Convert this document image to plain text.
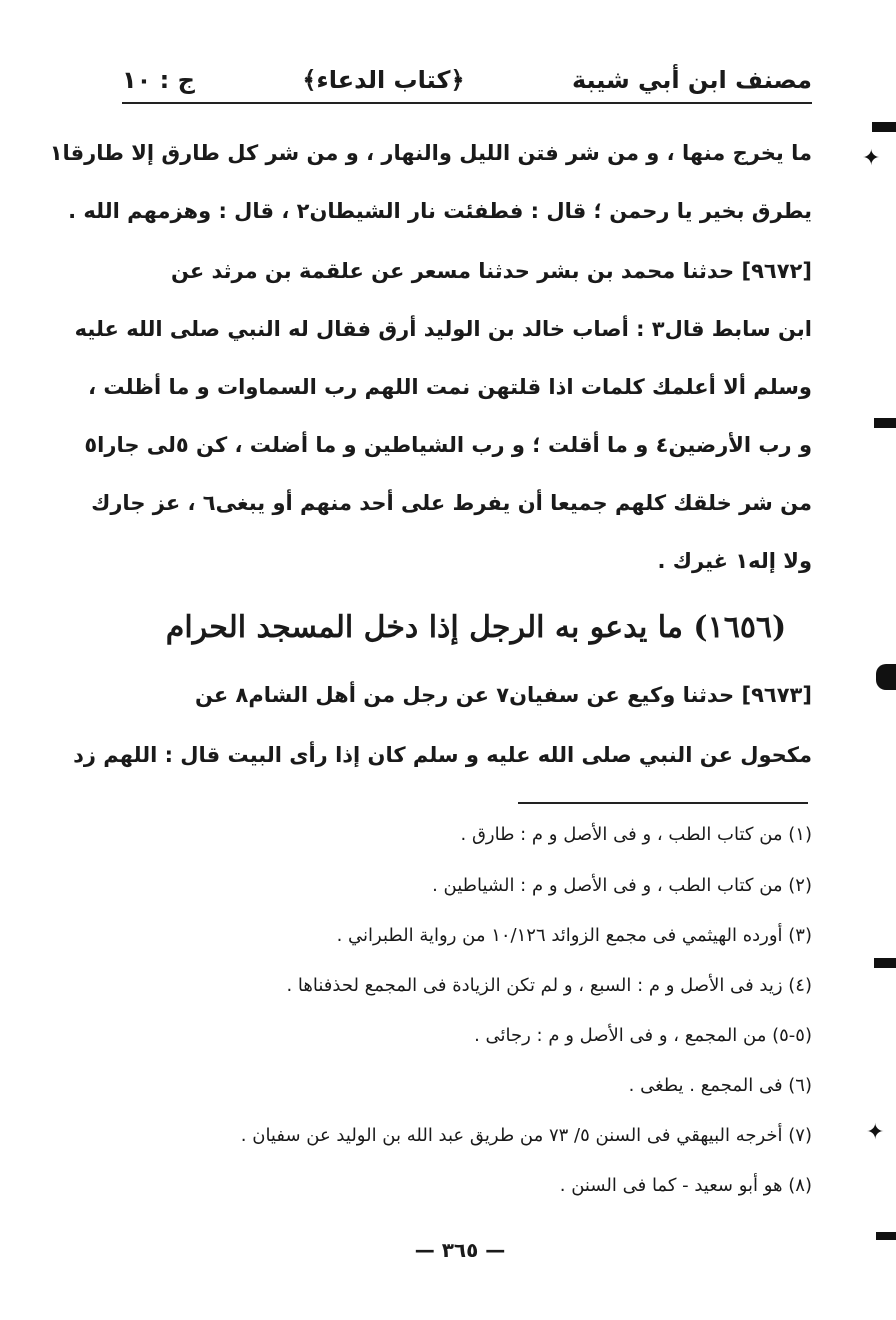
مصنف ابن أبي شيبة
﴿كتاب الدعاء﴾
ج : ١٠
ما يخرج منها ، و من شر فتن الليل والنهار ، و من شر كل طارق إلا طارقا١
يطرق بخير يا رحمن ؛ قال : فطفئت نار الشيطان٢ ، قال : وهزمهم الله .
[٩٦٧٢] حدثنا محمد بن بشر حدثنا مسعر عن علقمة بن مرثد عن
ابن سابط قال٣ : أصاب خالد بن الوليد أرق فقال له النبي صلى الله عليه
وسلم ألا أعلمك كلمات اذا قلتهن نمت اللهم رب السماوات و ما أظلت ،
و رب الأرضين٤ و ما أقلت ؛ و رب الشياطين و ما أضلت ، كن ٥لى جارا٥
من شر خلقك كلهم جميعا أن يفرط على أحد منهم أو يبغى٦ ، عز جارك
ولا إله١ غيرك .
(١٦٥٦) ما يدعو به الرجل إذا دخل المسجد الحرام
[٩٦٧٣] حدثنا وكيع عن سفيان٧ عن رجل من أهل الشام٨ عن
مكحول عن النبي صلى الله عليه و سلم كان إذا رأى البيت قال : اللهم زد
(١) من كتاب الطب ، و فى الأصل و م : طارق .
(٢) من كتاب الطب ، و فى الأصل و م : الشياطين .
(٣) أورده الهيثمي فى مجمع الزوائد ١٠/١٢٦ من رواية الطبراني .
(٤) زيد فى الأصل و م : السبع ، و لم تكن الزيادة فى المجمع لحذفناها .
(٥-٥) من المجمع ، و فى الأصل و م : رجائى .
(٦) فى المجمع . يطغى .
(٧) أخرجه البيهقي فى السنن ٥/ ٧٣ من طريق عبد الله بن الوليد عن سفيان .
(٨) هو أبو سعيد - كما فى السنن .
— ٣٦٥ —
✦
✦
